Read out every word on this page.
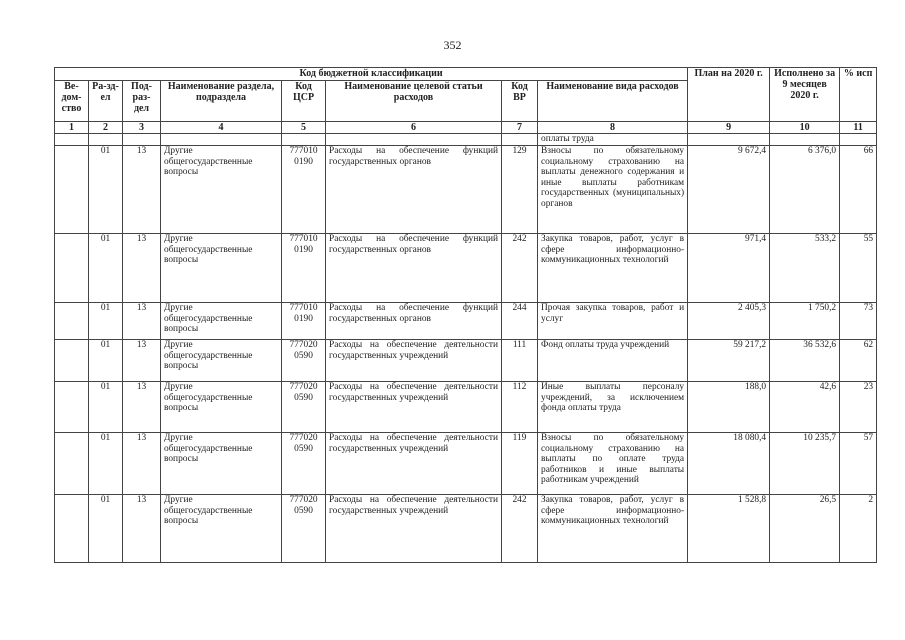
352
Код бюджетной классификации								План на 2020 г.	Исполнено за 9 месяцев 2020 г.	% исп
Ве-дом-ство	Ра-зд-ел	Под-раз-дел	Наименование раздела, подраздела	Код ЦСР	Наименование целевой статьи расходов	Код ВР	Наименование вида расходов			
1	2	3	4	5	6	7	8	9	10	11
							оплаты труда			
	01	13	Другие общегосударственные вопросы	777010 0190	Расходы на обеспечение функций государственных органов	129	Взносы по обязательному социальному страхованию на выплаты денежного содержания и иные выплаты работникам государственных (муниципальных) органов	9 672,4	6 376,0	66
	01	13	Другие общегосударственные вопросы	777010 0190	Расходы на обеспечение функций государственных органов	242	Закупка товаров, работ, услуг в сфере информационно-коммуникационных технологий	971,4	533,2	55
	01	13	Другие общегосударственные вопросы	777010 0190	Расходы на обеспечение функций государственных органов	244	Прочая закупка товаров, работ и услуг	2 405,3	1 750,2	73
	01	13	Другие общегосударственные вопросы	777020 0590	Расходы на обеспечение деятельности государственных учреждений	111	Фонд оплаты труда учреждений	59 217,2	36 532,6	62
	01	13	Другие общегосударственные вопросы	777020 0590	Расходы на обеспечение деятельности государственных учреждений	112	Иные выплаты персоналу учреждений, за исключением фонда оплаты труда	188,0	42,6	23
	01	13	Другие общегосударственные вопросы	777020 0590	Расходы на обеспечение деятельности государственных учреждений	119	Взносы по обязательному социальному страхованию на выплаты по оплате труда работников и иные выплаты работникам учреждений	18 080,4	10 235,7	57
	01	13	Другие общегосударственные вопросы	777020 0590	Расходы на обеспечение деятельности государственных учреждений	242	Закупка товаров, работ, услуг в сфере информационно-коммуникационных технологий	1 528,8	26,5	2
